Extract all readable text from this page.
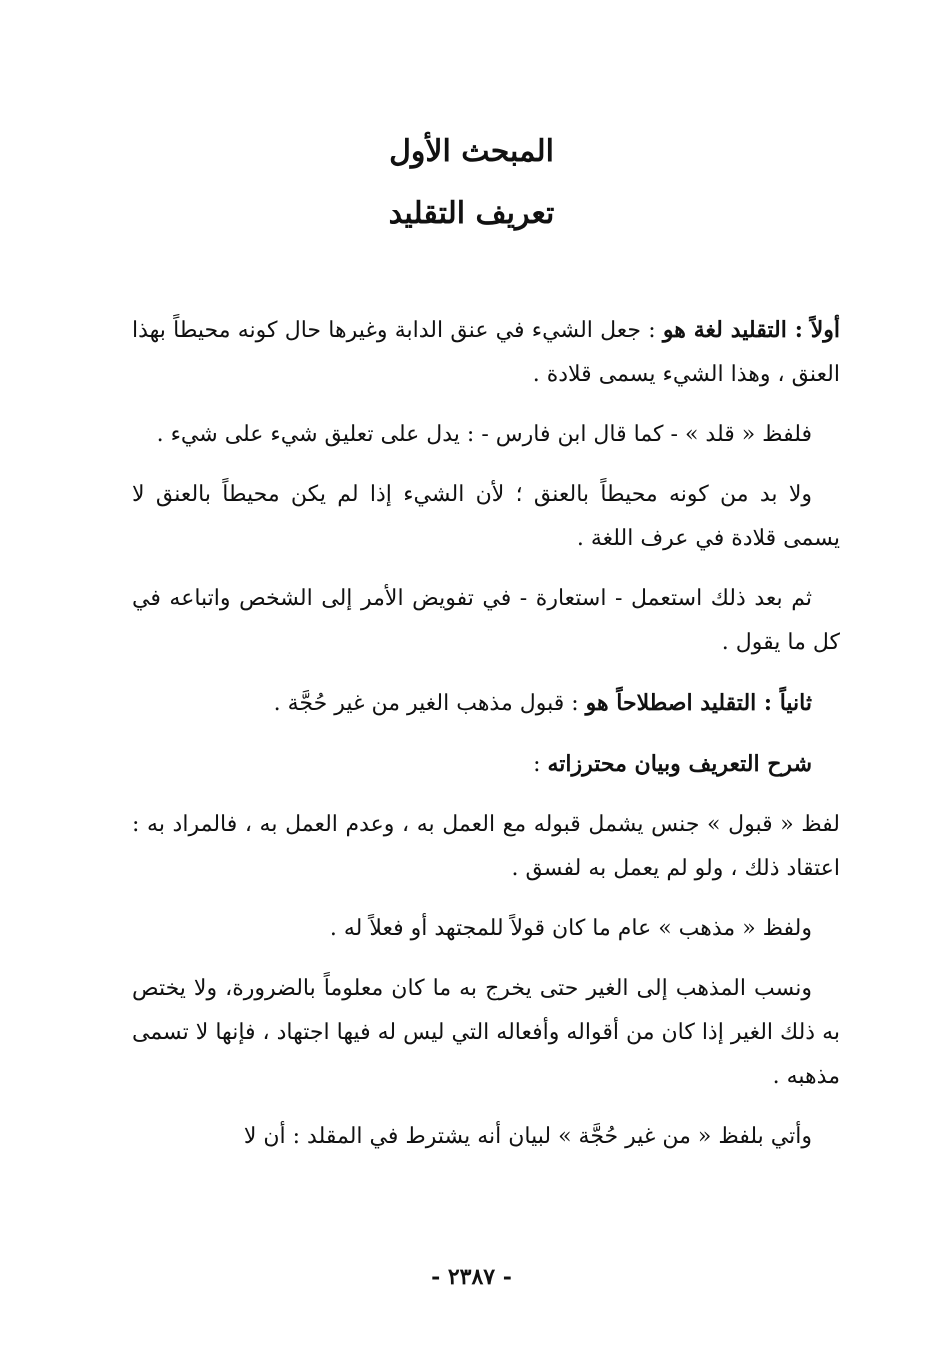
المبحث الأول
تعريف التقليد

أولاً : التقليد لغة هو : جعل الشيء في عنق الدابة وغيرها حال كونه محيطاً بهذا العنق ، وهذا الشيء يسمى قلادة .

فلفظ « قلد » - كما قال ابن فارس - : يدل على تعليق شيء على شيء .

ولا بد من كونه محيطاً بالعنق ؛ لأن الشيء إذا لم يكن محيطاً بالعنق لا يسمى قلادة في عرف اللغة .

ثم بعد ذلك استعمل - استعارة - في تفويض الأمر إلى الشخص واتباعه في كل ما يقول .

ثانياً : التقليد اصطلاحاً هو : قبول مذهب الغير من غير حُجَّة .

شرح التعريف وبيان محترزاته :

لفظ « قبول » جنس يشمل قبوله مع العمل به ، وعدم العمل به ، فالمراد به : اعتقاد ذلك ، ولو لم يعمل به لفسق .

ولفظ « مذهب » عام ما كان قولاً للمجتهد أو فعلاً له .

ونسب المذهب إلى الغير حتى يخرج به ما كان معلوماً بالضرورة، ولا يختص به ذلك الغير إذا كان من أقواله وأفعاله التي ليس له فيها اجتهاد ، فإنها لا تسمى مذهبه .

وأتي بلفظ « من غير حُجَّة » لبيان أنه يشترط في المقلد : أن لا

- ٢٣٨٧ -
